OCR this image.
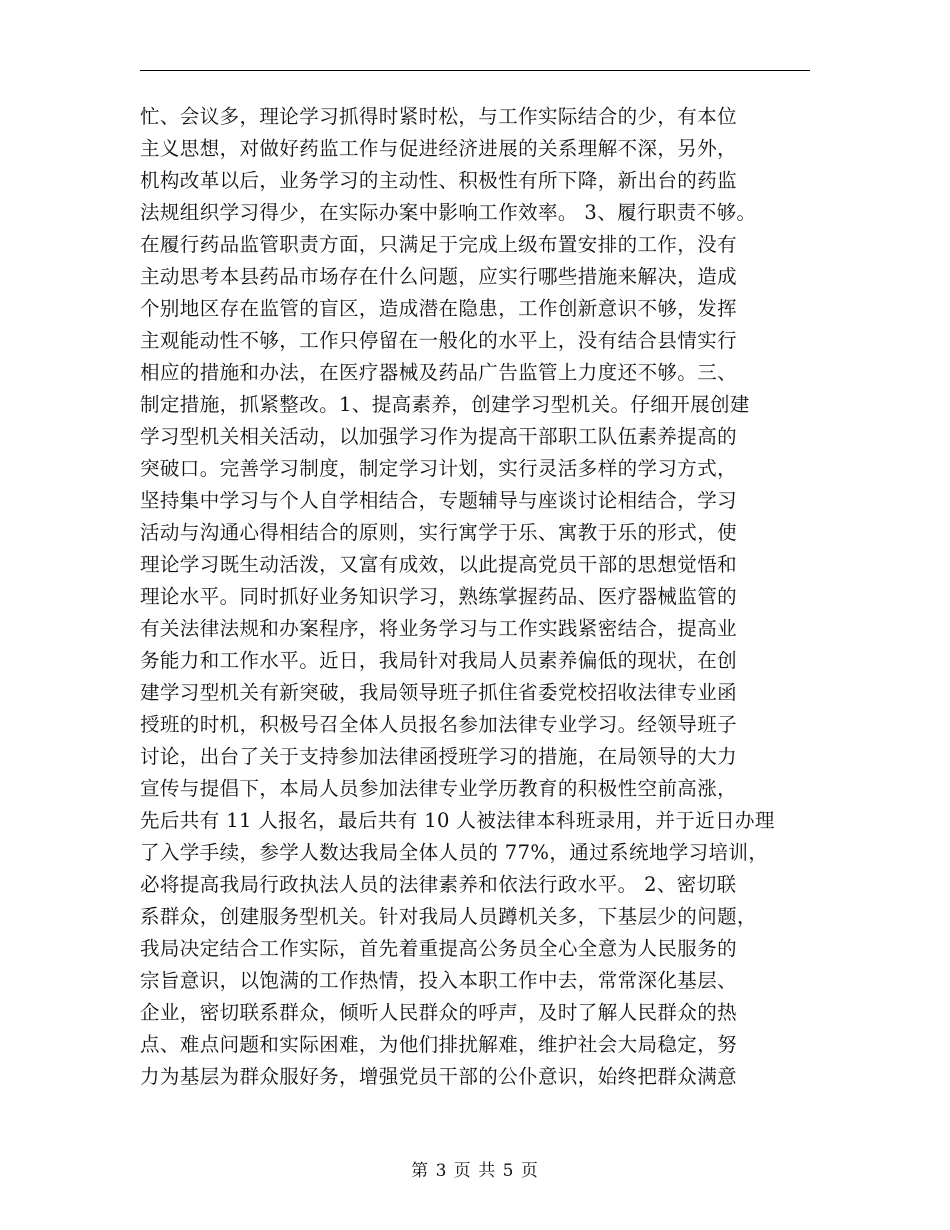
忙、会议多，理论学习抓得时紧时松，与工作实际结合的少，有本位
主义思想，对做好药监工作与促进经济进展的关系理解不深，另外，
机构改革以后，业务学习的主动性、积极性有所下降，新出台的药监
法规组织学习得少，在实际办案中影响工作效率。 3、履行职责不够。
在履行药品监管职责方面，只满足于完成上级布置安排的工作，没有
主动思考本县药品市场存在什么问题，应实行哪些措施来解决，造成
个别地区存在监管的盲区，造成潜在隐患，工作创新意识不够，发挥
主观能动性不够，工作只停留在一般化的水平上，没有结合县情实行
相应的措施和办法，在医疗器械及药品广告监管上力度还不够。三、
制定措施，抓紧整改。1、提高素养，创建学习型机关。仔细开展创建
学习型机关相关活动，以加强学习作为提高干部职工队伍素养提高的
突破口。完善学习制度，制定学习计划，实行灵活多样的学习方式，
坚持集中学习与个人自学相结合，专题辅导与座谈讨论相结合，学习
活动与沟通心得相结合的原则，实行寓学于乐、寓教于乐的形式，使
理论学习既生动活泼，又富有成效，以此提高党员干部的思想觉悟和
理论水平。同时抓好业务知识学习，熟练掌握药品、医疗器械监管的
有关法律法规和办案程序，将业务学习与工作实践紧密结合，提高业
务能力和工作水平。近日，我局针对我局人员素养偏低的现状，在创
建学习型机关有新突破，我局领导班子抓住省委党校招收法律专业函
授班的时机，积极号召全体人员报名参加法律专业学习。经领导班子
讨论，出台了关于支持参加法律函授班学习的措施，在局领导的大力
宣传与提倡下，本局人员参加法律专业学历教育的积极性空前高涨，
先后共有 11 人报名，最后共有 10 人被法律本科班录用，并于近日办理
了入学手续，参学人数达我局全体人员的 77%，通过系统地学习培训，
必将提高我局行政执法人员的法律素养和依法行政水平。 2、密切联
系群众，创建服务型机关。针对我局人员蹲机关多，下基层少的问题，
我局决定结合工作实际，首先着重提高公务员全心全意为人民服务的
宗旨意识，以饱满的工作热情，投入本职工作中去，常常深化基层、
企业，密切联系群众，倾听人民群众的呼声，及时了解人民群众的热
点、难点问题和实际困难，为他们排扰解难，维护社会大局稳定，努
力为基层为群众服好务，增强党员干部的公仆意识，始终把群众满意
第 3 页 共 5 页
